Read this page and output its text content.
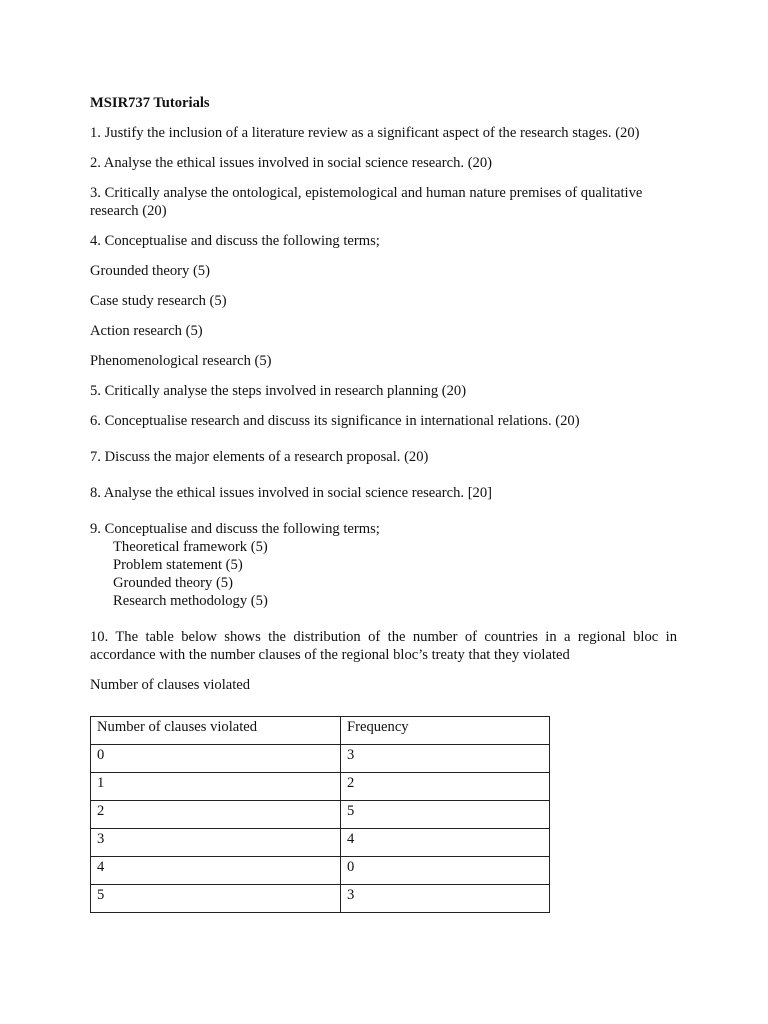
MSIR737 Tutorials

1. Justify the inclusion of a literature review as a significant aspect of the research stages. (20)

2. Analyse the ethical issues involved in social science research. (20)

3. Critically analyse the ontological, epistemological and human nature premises of qualitative research (20)

4. Conceptualise and discuss the following terms;

Grounded theory (5)

Case study research (5)

Action research (5)

Phenomenological research (5)

5. Critically analyse the steps involved in research planning (20)

6. Conceptualise research and discuss its significance in international relations. (20)

7. Discuss the major elements of a research proposal. (20)

8. Analyse the ethical issues involved in social science research. [20]

9. Conceptualise and discuss the following terms;

Theoretical framework (5)

Problem statement (5)

Grounded theory (5)

Research methodology (5)

10. The table below shows the distribution of the number of countries in a regional bloc in accordance with the number clauses of the regional bloc’s treaty that they violated

Number of clauses violated

Number of clauses violated	Frequency
0	3
1	2
2	5
3	4
4	0
5	3
